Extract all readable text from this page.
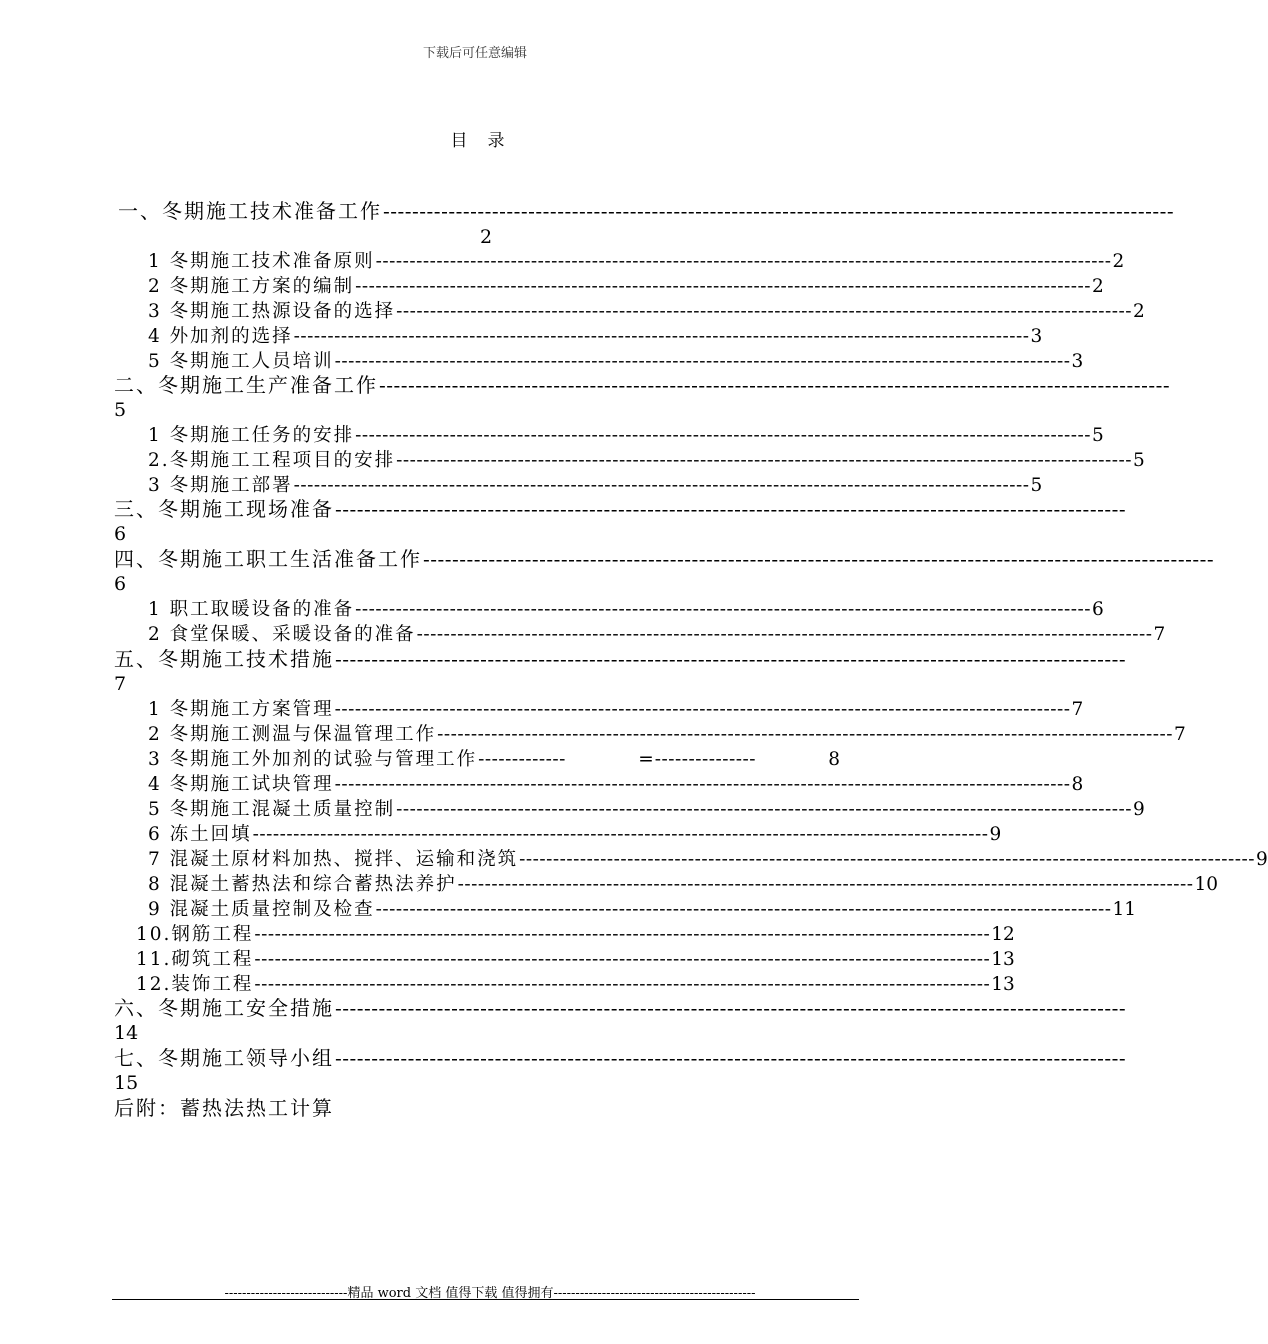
下载后可任意编辑
目录
一、冬期施工技术准备工作 -------------------------------------------------------------------------------------------------------------
2
1 冬期施工技术准备原则 ------------------------------------------------------------------------------------------------------------- 2
2 冬期施工方案的编制 ------------------------------------------------------------------------------------------------------------- 2
3 冬期施工热源设备的选择 ------------------------------------------------------------------------------------------------------------- 2
4 外加剂的选择 ------------------------------------------------------------------------------------------------------------- 3
5 冬期施工人员培训 ------------------------------------------------------------------------------------------------------------- 3
二、冬期施工生产准备工作 -------------------------------------------------------------------------------------------------------------
5
1 冬期施工任务的安排 ------------------------------------------------------------------------------------------------------------- 5
2.冬期施工工程项目的安排 ------------------------------------------------------------------------------------------------------------- 5
3 冬期施工部署 ------------------------------------------------------------------------------------------------------------- 5
三、冬期施工现场准备 -------------------------------------------------------------------------------------------------------------
6
四、冬期施工职工生活准备工作 -------------------------------------------------------------------------------------------------------------
6
1 职工取暖设备的准备 ------------------------------------------------------------------------------------------------------------- 6
2 食堂保暖、采暖设备的准备 ------------------------------------------------------------------------------------------------------------- 7
五、冬期施工技术措施 -------------------------------------------------------------------------------------------------------------
7
1 冬期施工方案管理 ------------------------------------------------------------------------------------------------------------- 7
2 冬期施工测温与保温管理工作 ------------------------------------------------------------------------------------------------------------- 7
3 冬期施工外加剂的试验与管理工作 -------------	= ---------------	8
4 冬期施工试块管理 ------------------------------------------------------------------------------------------------------------- 8
5 冬期施工混凝土质量控制 ------------------------------------------------------------------------------------------------------------- 9
6 冻土回填 ------------------------------------------------------------------------------------------------------------- 9
7 混凝土原材料加热、搅拌、运输和浇筑 ------------------------------------------------------------------------------------------------------------- 9
8 混凝土蓄热法和综合蓄热法养护 ------------------------------------------------------------------------------------------------------------- 10
9 混凝土质量控制及检查 ------------------------------------------------------------------------------------------------------------- 11
10.钢筋工程 ------------------------------------------------------------------------------------------------------------- 12
11.砌筑工程 ------------------------------------------------------------------------------------------------------------- 13
12.装饰工程 ------------------------------------------------------------------------------------------------------------- 13
六、冬期施工安全措施 -------------------------------------------------------------------------------------------------------------
14
七、冬期施工领导小组 -------------------------------------------------------------------------------------------------------------
15
后附：蓄热法热工计算
----------------------------精品 word 文档 值得下载 值得拥有----------------------------------------------
